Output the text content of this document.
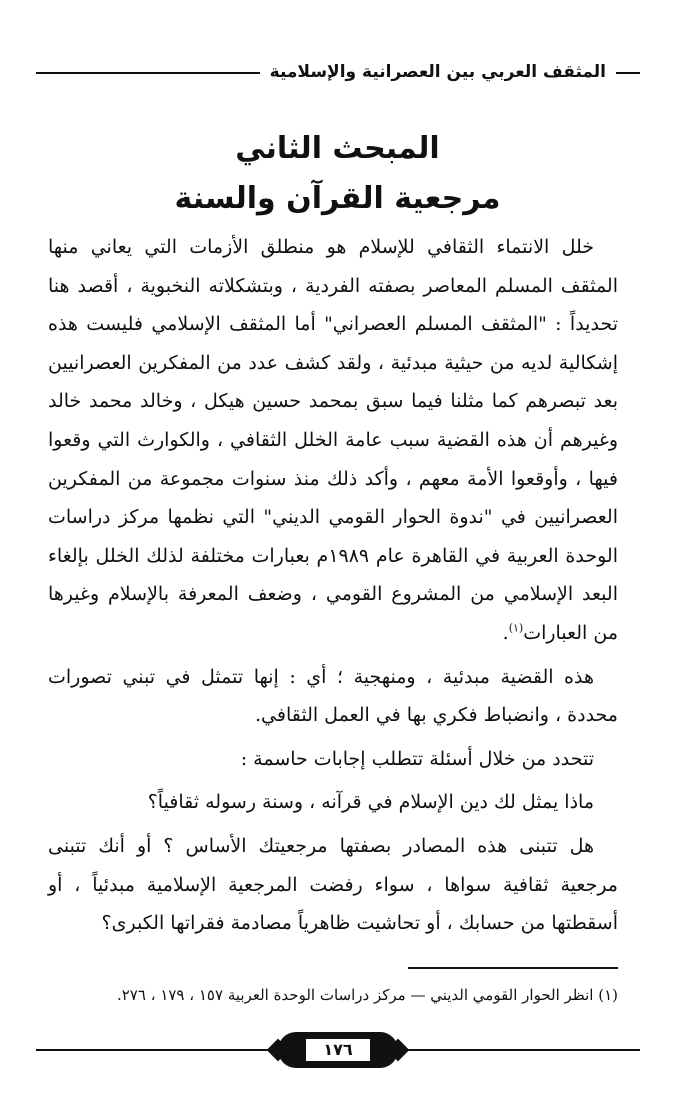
المثقف العربي بين العصرانية والإسلامية
المبحث الثاني
مرجعية القرآن والسنة

خلل الانتماء الثقافي للإسلام هو منطلق الأزمات التي يعاني منها المثقف المسلم المعاصر بصفته الفردية ، وبتشكلاته النخبوية ، أقصد هنا تحديداً : "المثقف المسلم العصراني" أما المثقف الإسلامي فليست هذه إشكالية لديه من حيثية مبدئية ، ولقد كشف عدد من المفكرين العصرانيين بعد تبصرهم كما مثلنا فيما سبق بمحمد حسين هيكل ، وخالد محمد خالد وغيرهم أن هذه القضية سبب عامة الخلل الثقافي ، والكوارث التي وقعوا فيها ، وأوقعوا الأمة معهم ، وأكد ذلك منذ سنوات مجموعة من المفكرين العصرانيين في "ندوة الحوار القومي الديني" التي نظمها مركز دراسات الوحدة العربية في القاهرة عام ١٩٨٩م بعبارات مختلفة لذلك الخلل بإلغاء البعد الإسلامي من المشروع القومي ، وضعف المعرفة بالإسلام وغيرها من العبارات$^{(١)}$.

هذه القضية مبدئية ، ومنهجية ؛ أي : إنها تتمثل في تبني تصورات محددة ، وانضباط فكري بها في العمل الثقافي.

تتحدد من خلال أسئلة تتطلب إجابات حاسمة :

ماذا يمثل لك دين الإسلام في قرآنه ، وسنة رسوله ثقافياً؟

هل تتبنى هذه المصادر بصفتها مرجعيتك الأساس ؟ أو أنك تتبنى مرجعية ثقافية سواها ، سواء رفضت المرجعية الإسلامية مبدئياً ، أو أسقطتها من حسابك ، أو تحاشيت ظاهرياً مصادمة فقراتها الكبرى؟

(١) انظر الحوار القومي الديني — مركز دراسات الوحدة العربية ١٥٧ ، ١٧٩ ، ٢٧٦.
١٧٦
